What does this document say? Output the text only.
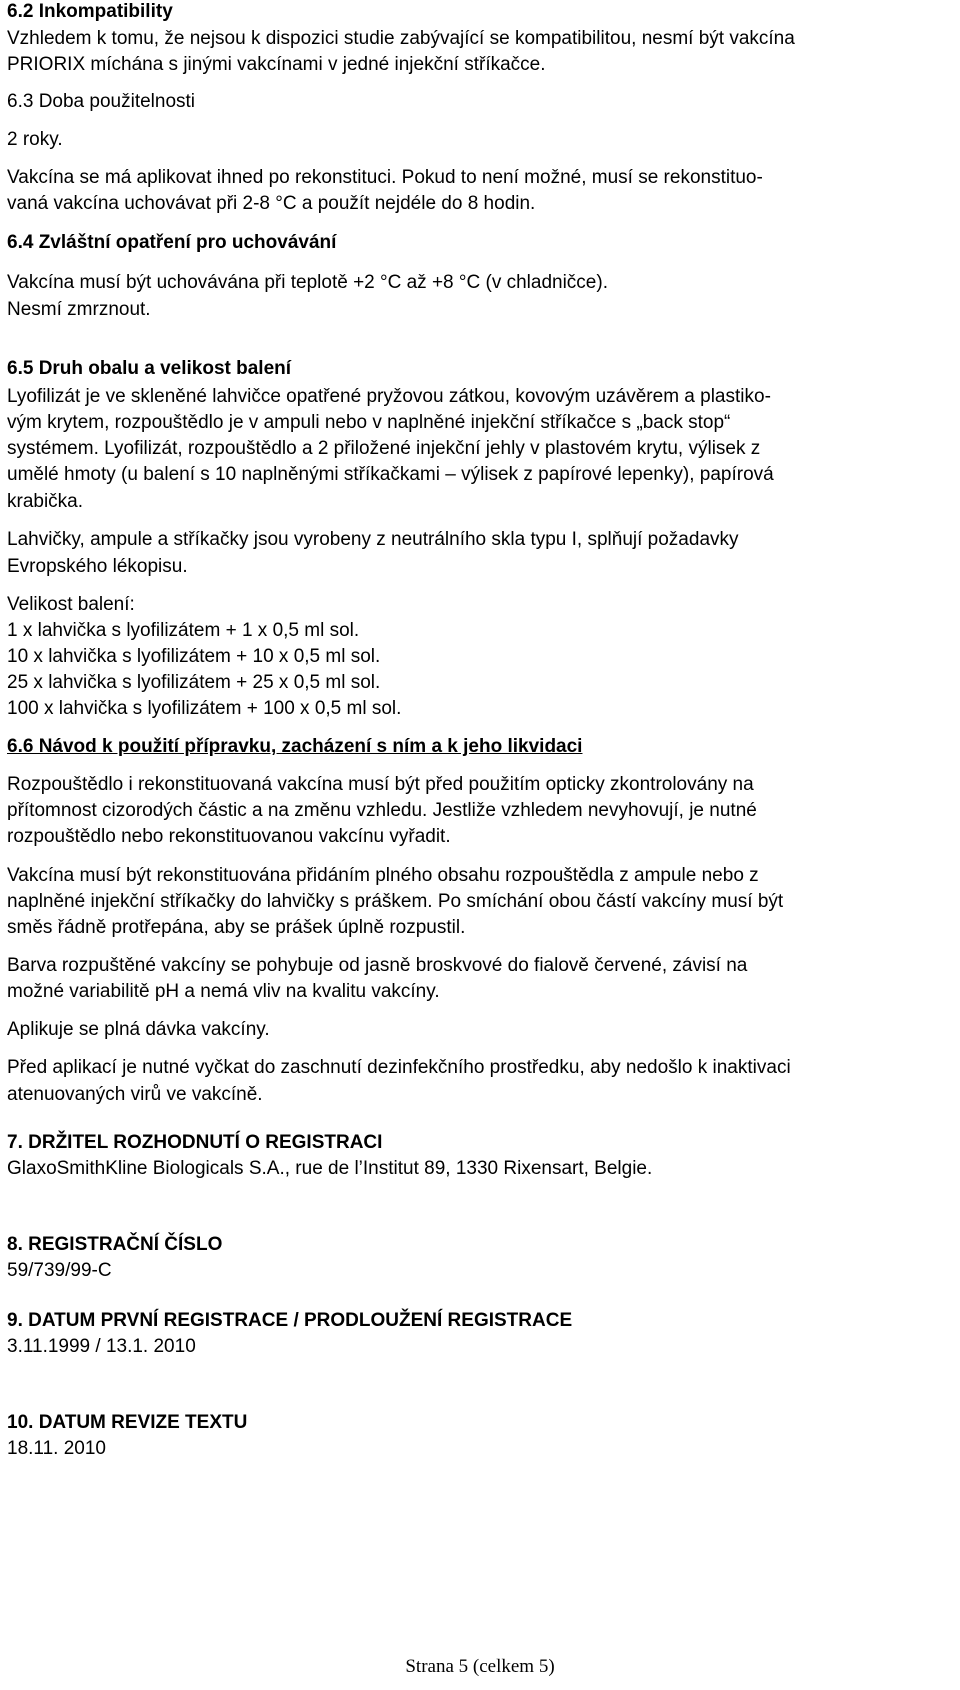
6.2 Inkompatibility
Vzhledem k tomu, že nejsou k dispozici studie zabývající se kompatibilitou, nesmí být vakcína
PRIORIX míchána s jinými vakcínami v jedné injekční stříkačce.
6.3 Doba použitelnosti
2 roky.
Vakcína se má aplikovat ihned po rekonstituci. Pokud to není možné, musí se rekonstituo-
vaná vakcína uchovávat při 2-8 °C a použít nejdéle do 8 hodin.
6.4 Zvláštní opatření pro uchovávání
Vakcína musí být uchovávána při teplotě +2 °C až +8 °C (v chladničce).
Nesmí zmrznout.
6.5 Druh obalu a velikost balení
Lyofilizát je ve skleněné lahvičce opatřené pryžovou zátkou, kovovým uzávěrem a plastiko-
vým krytem, rozpouštědlo je v ampuli nebo v naplněné injekční stříkačce s „back stop“
systémem. Lyofilizát, rozpouštědlo a 2 přiložené injekční jehly v plastovém krytu, výlisek z
umělé hmoty (u balení s 10 naplněnými stříkačkami – výlisek z papírové lepenky), papírová
krabička.
Lahvičky, ampule a stříkačky jsou vyrobeny z neutrálního skla typu I, splňují požadavky
Evropského lékopisu.
Velikost balení:
1 x lahvička s lyofilizátem + 1 x 0,5 ml sol.
10 x lahvička s lyofilizátem + 10 x 0,5 ml sol.
25 x lahvička s lyofilizátem + 25 x 0,5 ml sol.
100 x lahvička s lyofilizátem + 100 x 0,5 ml sol.
6.6 Návod k použití přípravku, zacházení s ním a k jeho likvidaci
Rozpouštědlo i rekonstituovaná vakcína musí být před použitím opticky zkontrolovány na
přítomnost cizorodých částic a na změnu vzhledu. Jestliže vzhledem nevyhovují, je nutné
rozpouštědlo nebo rekonstituovanou vakcínu vyřadit.
Vakcína musí být rekonstituována přidáním plného obsahu rozpouštědla z ampule nebo z
naplněné injekční stříkačky do lahvičky s práškem. Po smíchání obou částí vakcíny musí být
směs řádně protřepána, aby se prášek úplně rozpustil.
Barva rozpuštěné vakcíny se pohybuje od jasně broskvové do fialově červené, závisí na
možné variabilitě pH a nemá vliv na kvalitu vakcíny.
Aplikuje se plná dávka vakcíny.
Před aplikací je nutné vyčkat do zaschnutí dezinfekčního prostředku, aby nedošlo k inaktivaci
atenuovaných virů ve vakcíně.
7. DRŽITEL ROZHODNUTÍ O REGISTRACI
GlaxoSmithKline Biologicals S.A., rue de l’Institut 89, 1330 Rixensart, Belgie.
8. REGISTRAČNÍ ČÍSLO
59/739/99-C
9. DATUM PRVNÍ REGISTRACE / PRODLOUŽENÍ REGISTRACE
3.11.1999 / 13.1. 2010
10. DATUM REVIZE TEXTU
18.11. 2010
Strana 5 (celkem 5)
